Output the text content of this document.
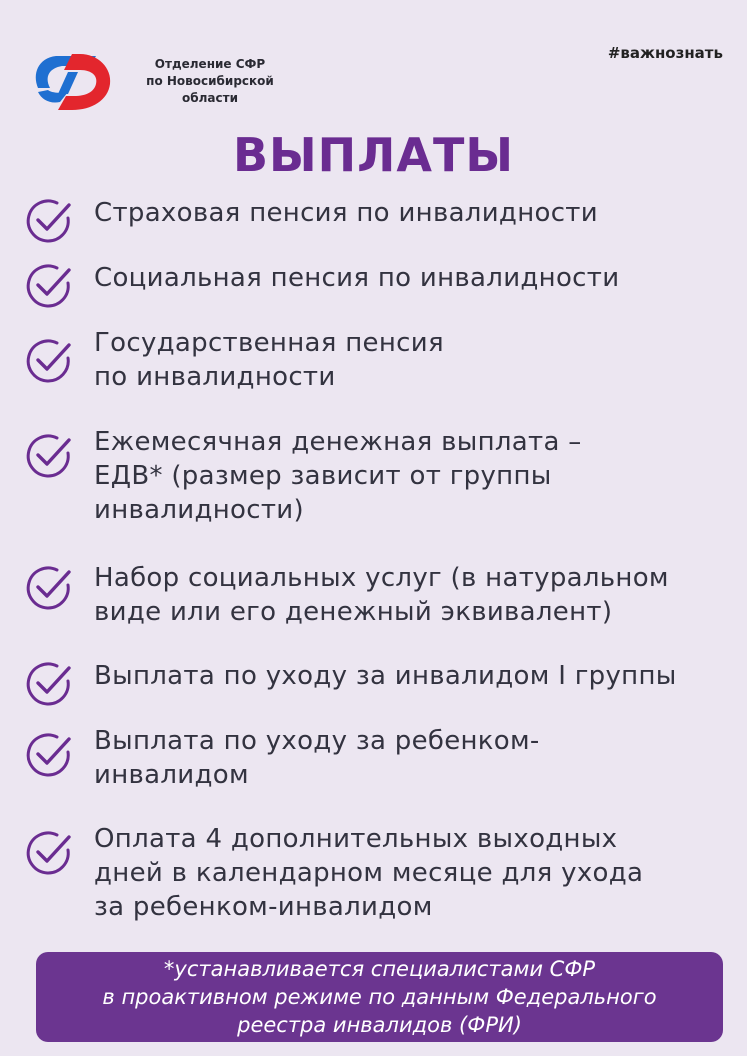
Отделение СФР
по Новосибирской
области
#важнознать
ВЫПЛАТЫ
Страховая пенсия по инвалидности
Социальная пенсия по инвалидности
Государственная пенсия
по инвалидности
Ежемесячная денежная выплата –
ЕДВ* (размер зависит от группы
инвалидности)
Набор социальных услуг (в натуральном
виде или его денежный эквивалент)
Выплата по уходу за инвалидом I группы
Выплата по уходу за ребенком-
инвалидом
Оплата 4 дополнительных выходных
дней в календарном месяце для ухода
за ребенком-инвалидом
*устанавливается специалистами СФР
в проактивном режиме по данным Федерального
реестра инвалидов (ФРИ)
